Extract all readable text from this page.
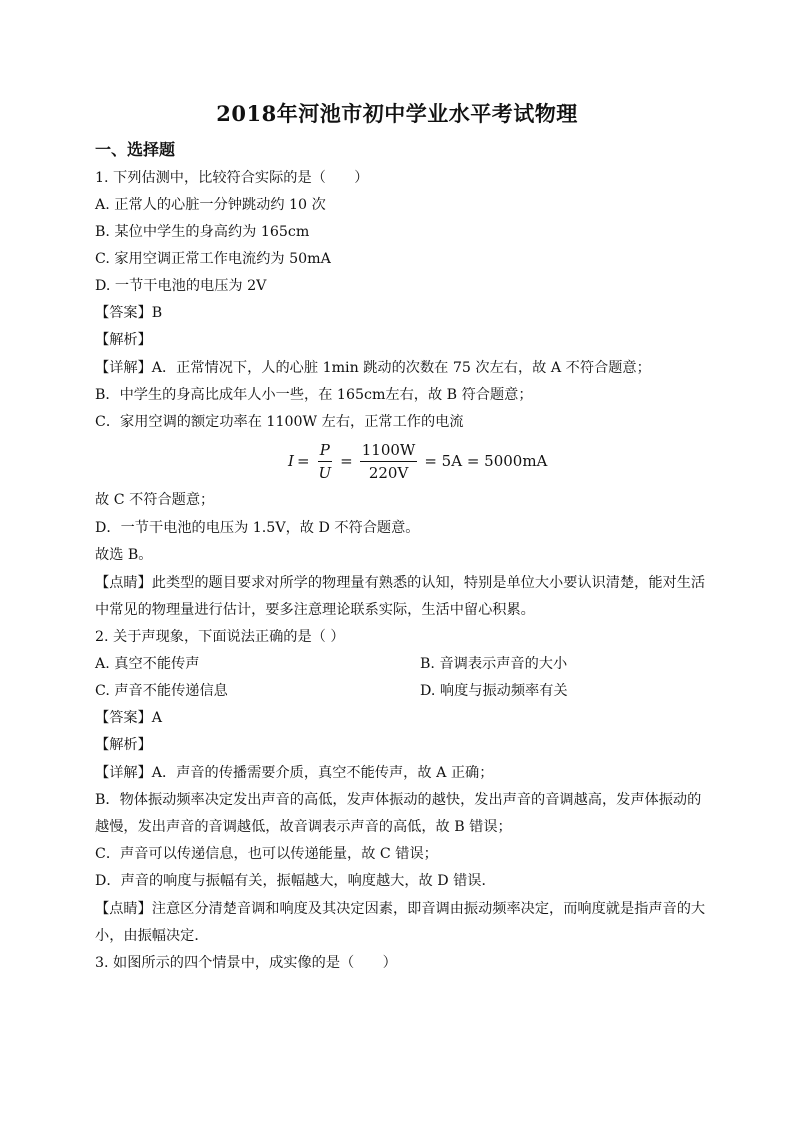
2018年河池市初中学业水平考试物理
一、选择题
1. 下列估测中，比较符合实际的是（　　）
A. 正常人的心脏一分钟跳动约 10 次
B. 某位中学生的身高约为 165cm
C. 家用空调正常工作电流约为 50mA
D. 一节干电池的电压为 2V
【答案】B
【解析】
【详解】A．正常情况下，人的心脏 1min 跳动的次数在 75 次左右，故 A 不符合题意；
B．中学生的身高比成年人小一些，在 165cm左右，故 B 符合题意；
C．家用空调的额定功率在 1100W 左右，正常工作的电流
$I = \frac{P}{U} = \frac{1100W}{220V} = 5A = 5000mA$
故 C 不符合题意；
D．一节干电池的电压为 1.5V，故 D 不符合题意。
故选 B。
【点睛】此类型的题目要求对所学的物理量有熟悉的认知，特别是单位大小要认识清楚，能对生活
中常见的物理量进行估计，要多注意理论联系实际，生活中留心积累。
2. 关于声现象，下面说法正确的是（ ）
A. 真空不能传声	B. 音调表示声音的大小
C. 声音不能传递信息	D. 响度与振动频率有关
【答案】A
【解析】
【详解】A．声音的传播需要介质，真空不能传声，故 A 正确；
B．物体振动频率决定发出声音的高低，发声体振动的越快，发出声音的音调越高，发声体振动的
越慢，发出声音的音调越低，故音调表示声音的高低，故 B 错误；
C．声音可以传递信息，也可以传递能量，故 C 错误；
D．声音的响度与振幅有关，振幅越大，响度越大，故 D 错误．
【点睛】注意区分清楚音调和响度及其决定因素，即音调由振动频率决定，而响度就是指声音的大
小，由振幅决定．
3. 如图所示的四个情景中，成实像的是（　　）
